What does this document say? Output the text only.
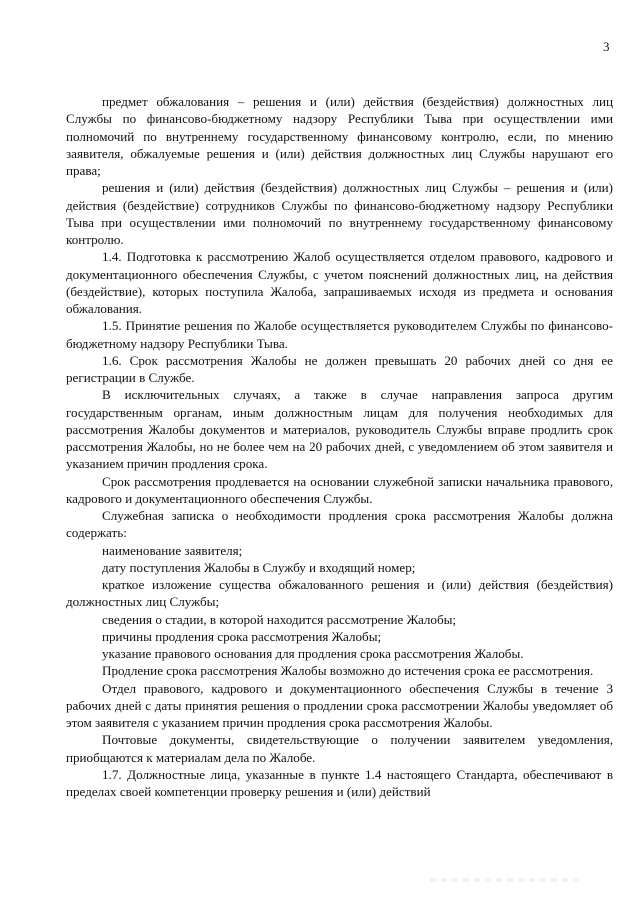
3

предмет обжалования – решения и (или) действия (бездействия) должностных лиц Службы по финансово-бюджетному надзору Республики Тыва при осуществлении ими полномочий по внутреннему государственному финансовому контролю, если, по мнению заявителя, обжалуемые решения и (или) действия должностных лиц Службы нарушают его права;

решения и (или) действия (бездействия) должностных лиц Службы – решения и (или) действия (бездействие) сотрудников Службы по финансово-бюджетному надзору Республики Тыва при осуществлении ими полномочий по внутреннему государственному финансовому контролю.

1.4. Подготовка к рассмотрению Жалоб осуществляется отделом правового, кадрового и документационного обеспечения Службы, с учетом пояснений должностных лиц, на действия (бездействие), которых поступила Жалоба, запрашиваемых исходя из предмета и основания обжалования.

1.5. Принятие решения по Жалобе осуществляется руководителем Службы по финансово-бюджетному надзору Республики Тыва.

1.6. Срок рассмотрения Жалобы не должен превышать 20 рабочих дней со дня ее регистрации в Службе.

В исключительных случаях, а также в случае направления запроса другим государственным органам, иным должностным лицам для получения необходимых для рассмотрения Жалобы документов и материалов, руководитель Службы вправе продлить срок рассмотрения Жалобы, но не более чем на 20 рабочих дней, с уведомлением об этом заявителя и указанием причин продления срока.

Срок рассмотрения продлевается на основании служебной записки начальника правового, кадрового и документационного обеспечения Службы.

Служебная записка о необходимости продления срока рассмотрения Жалобы должна содержать:

наименование заявителя;

дату поступления Жалобы в Службу и входящий номер;

краткое изложение существа обжалованного решения и (или) действия (бездействия) должностных лиц Службы;

сведения о стадии, в которой находится рассмотрение Жалобы;

причины продления срока рассмотрения Жалобы;

указание правового основания для продления срока рассмотрения Жалобы.

Продление срока рассмотрения Жалобы возможно до истечения срока ее рассмотрения.

Отдел правового, кадрового и документационного обеспечения Службы в течение 3 рабочих дней с даты принятия решения о продлении срока рассмотрении Жалобы уведомляет об этом заявителя с указанием причин продления срока рассмотрения Жалобы.

Почтовые документы, свидетельствующие о получении заявителем уведомления, приобщаются к материалам дела по Жалобе.

1.7. Должностные лица, указанные в пункте 1.4 настоящего Стандарта, обеспечивают в пределах своей компетенции проверку решения и (или) действий
